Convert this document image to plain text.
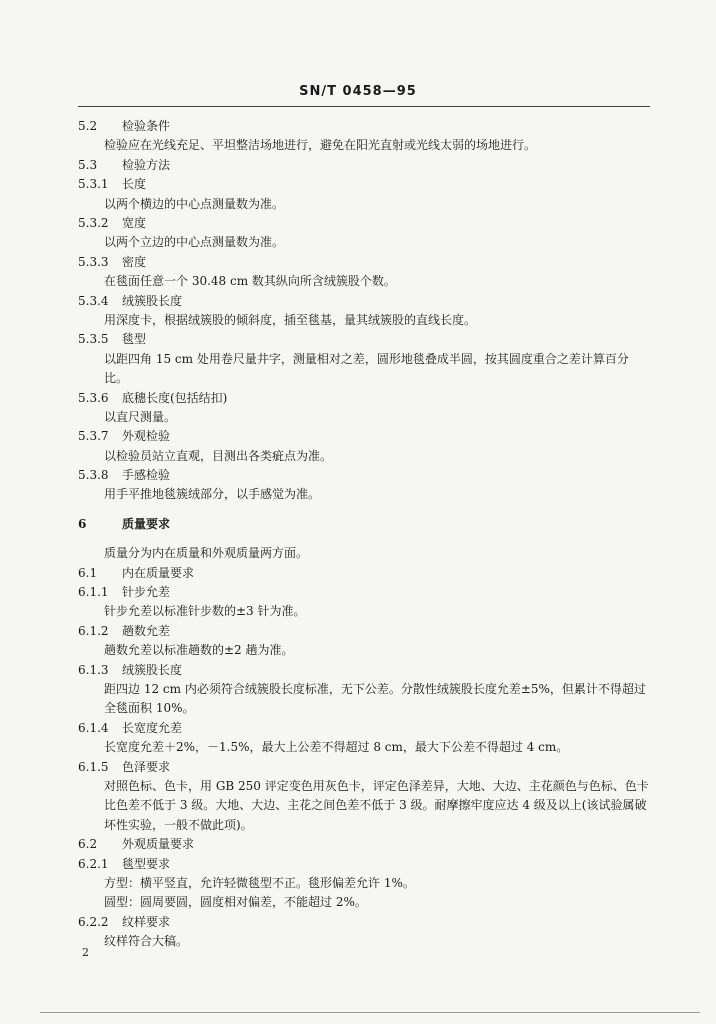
SN/T 0458—95
5.2 检验条件
检验应在光线充足、平坦整洁场地进行，避免在阳光直射或光线太弱的场地进行。
5.3 检验方法
5.3.1 长度
以两个横边的中心点测量数为准。
5.3.2 宽度
以两个立边的中心点测量数为准。
5.3.3 密度
在毯面任意一个 30.48 cm 数其纵向所含绒簇股个数。
5.3.4 绒簇股长度
用深度卡，根据绒簇股的倾斜度，插至毯基，量其绒簇股的直线长度。
5.3.5 毯型
以距四角 15 cm 处用卷尺量井字，测量相对之差，圆形地毯叠成半圆，按其圆度重合之差计算百分比。
5.3.6 底穗长度(包括结扣)
以直尺测量。
5.3.7 外观检验
以检验员站立直观，目测出各类疵点为准。
5.3.8 手感检验
用手平推地毯簇绒部分，以手感觉为准。
6	质量要求
质量分为内在质量和外观质量两方面。
6.1 内在质量要求
6.1.1 针步允差
针步允差以标准针步数的±3 针为准。
6.1.2 趟数允差
趟数允差以标准趟数的±2 趟为准。
6.1.3 绒簇股长度
距四边 12 cm 内必须符合绒簇股长度标准，无下公差。分散性绒簇股长度允差±5%，但累计不得超过全毯面积 10%。
6.1.4 长宽度允差
长宽度允差＋2%，－1.5%，最大上公差不得超过 8 cm，最大下公差不得超过 4 cm。
6.1.5 色泽要求
对照色标、色卡，用 GB 250 评定变色用灰色卡，评定色泽差异，大地、大边、主花颜色与色标、色卡比色差不低于 3 级。大地、大边、主花之间色差不低于 3 级。耐摩擦牢度应达 4 级及以上(该试验属破坏性实验，一般不做此项)。
6.2 外观质量要求
6.2.1 毯型要求
方型：横平竖直，允许轻微毯型不正。毯形偏差允许 1%。
圆型：圆周要圆，圆度相对偏差，不能超过 2%。
6.2.2 纹样要求
纹样符合大稿。
2
